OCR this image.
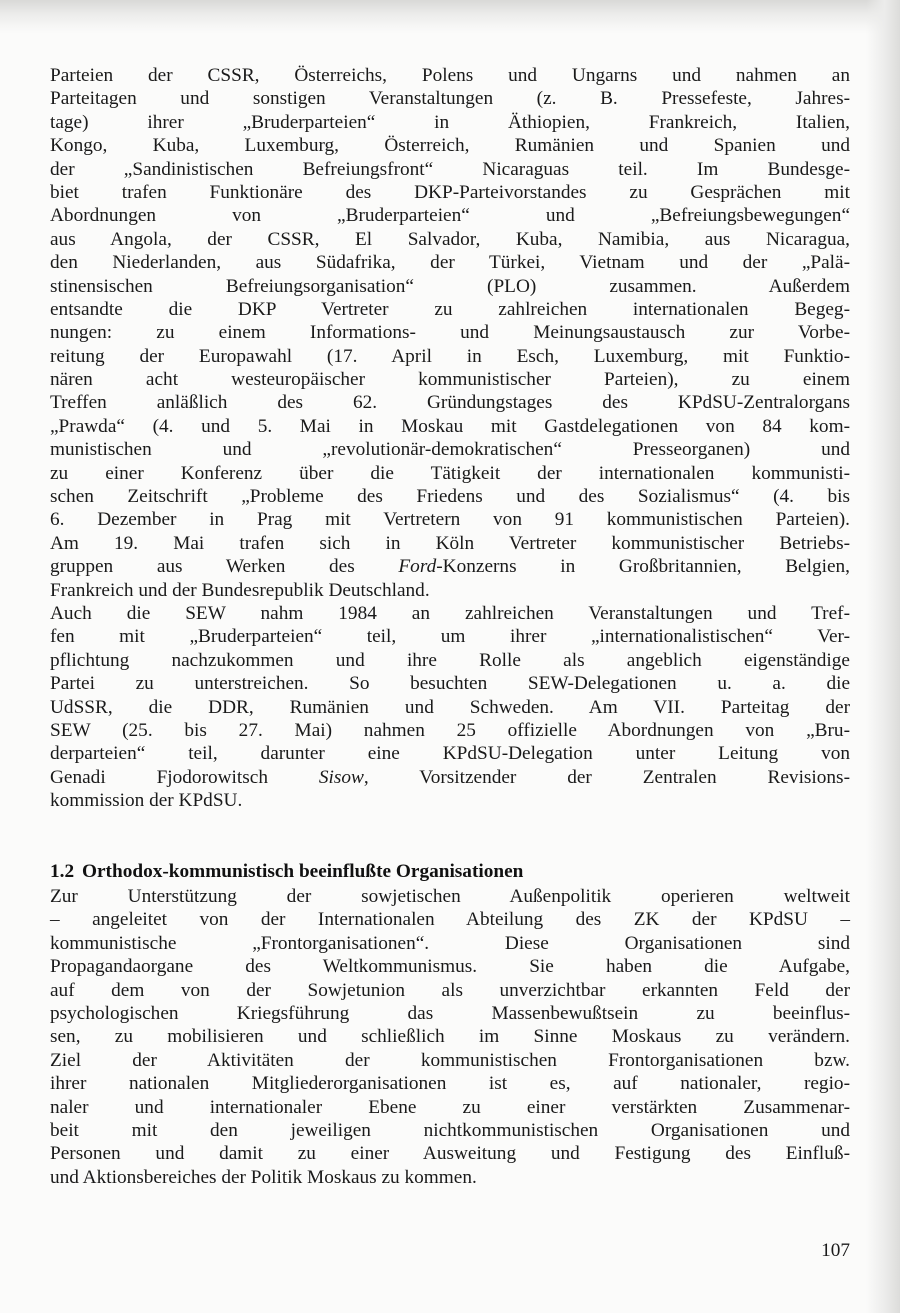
Parteien der CSSR, Österreichs, Polens und Ungarns und nahmen an
Parteitagen und sonstigen Veranstaltungen (z. B. Pressefeste, Jahres-
tage) ihrer „Bruderparteien“ in Äthiopien, Frankreich, Italien,
Kongo, Kuba, Luxemburg, Österreich, Rumänien und Spanien und
der „Sandinistischen Befreiungsfront“ Nicaraguas teil. Im Bundesge-
biet trafen Funktionäre des DKP-Parteivorstandes zu Gesprächen mit
Abordnungen von „Bruderparteien“ und „Befreiungsbewegungen“
aus Angola, der CSSR, El Salvador, Kuba, Namibia, aus Nicaragua,
den Niederlanden, aus Südafrika, der Türkei, Vietnam und der „Palä-
stinensischen Befreiungsorganisation“ (PLO) zusammen. Außerdem
entsandte die DKP Vertreter zu zahlreichen internationalen Begeg-
nungen: zu einem Informations- und Meinungsaustausch zur Vorbe-
reitung der Europawahl (17. April in Esch, Luxemburg, mit Funktio-
nären acht westeuropäischer kommunistischer Parteien), zu einem
Treffen anläßlich des 62. Gründungstages des KPdSU-Zentralorgans
„Prawda“ (4. und 5. Mai in Moskau mit Gastdelegationen von 84 kom-
munistischen und „revolutionär-demokratischen“ Presseorganen) und
zu einer Konferenz über die Tätigkeit der internationalen kommunisti-
schen Zeitschrift „Probleme des Friedens und des Sozialismus“ (4. bis
6. Dezember in Prag mit Vertretern von 91 kommunistischen Parteien).
Am 19. Mai trafen sich in Köln Vertreter kommunistischer Betriebs-
gruppen aus Werken des Ford-Konzerns in Großbritannien, Belgien,
Frankreich und der Bundesrepublik Deutschland.
Auch die SEW nahm 1984 an zahlreichen Veranstaltungen und Tref-
fen mit „Bruderparteien“ teil, um ihrer „internationalistischen“ Ver-
pflichtung nachzukommen und ihre Rolle als angeblich eigenständige
Partei zu unterstreichen. So besuchten SEW-Delegationen u. a. die
UdSSR, die DDR, Rumänien und Schweden. Am VII. Parteitag der
SEW (25. bis 27. Mai) nahmen 25 offizielle Abordnungen von „Bru-
derparteien“ teil, darunter eine KPdSU-Delegation unter Leitung von
Genadi Fjodorowitsch Sisow, Vorsitzender der Zentralen Revisions-
kommission der KPdSU.
1.2 Orthodox-kommunistisch beeinflußte Organisationen
Zur Unterstützung der sowjetischen Außenpolitik operieren weltweit
– angeleitet von der Internationalen Abteilung des ZK der KPdSU –
kommunistische „Frontorganisationen“. Diese Organisationen sind
Propagandaorgane des Weltkommunismus. Sie haben die Aufgabe,
auf dem von der Sowjetunion als unverzichtbar erkannten Feld der
psychologischen Kriegsführung das Massenbewußtsein zu beeinflus-
sen, zu mobilisieren und schließlich im Sinne Moskaus zu verändern.
Ziel der Aktivitäten der kommunistischen Frontorganisationen bzw.
ihrer nationalen Mitgliederorganisationen ist es, auf nationaler, regio-
naler und internationaler Ebene zu einer verstärkten Zusammenar-
beit mit den jeweiligen nichtkommunistischen Organisationen und
Personen und damit zu einer Ausweitung und Festigung des Einfluß-
und Aktionsbereiches der Politik Moskaus zu kommen.
107
